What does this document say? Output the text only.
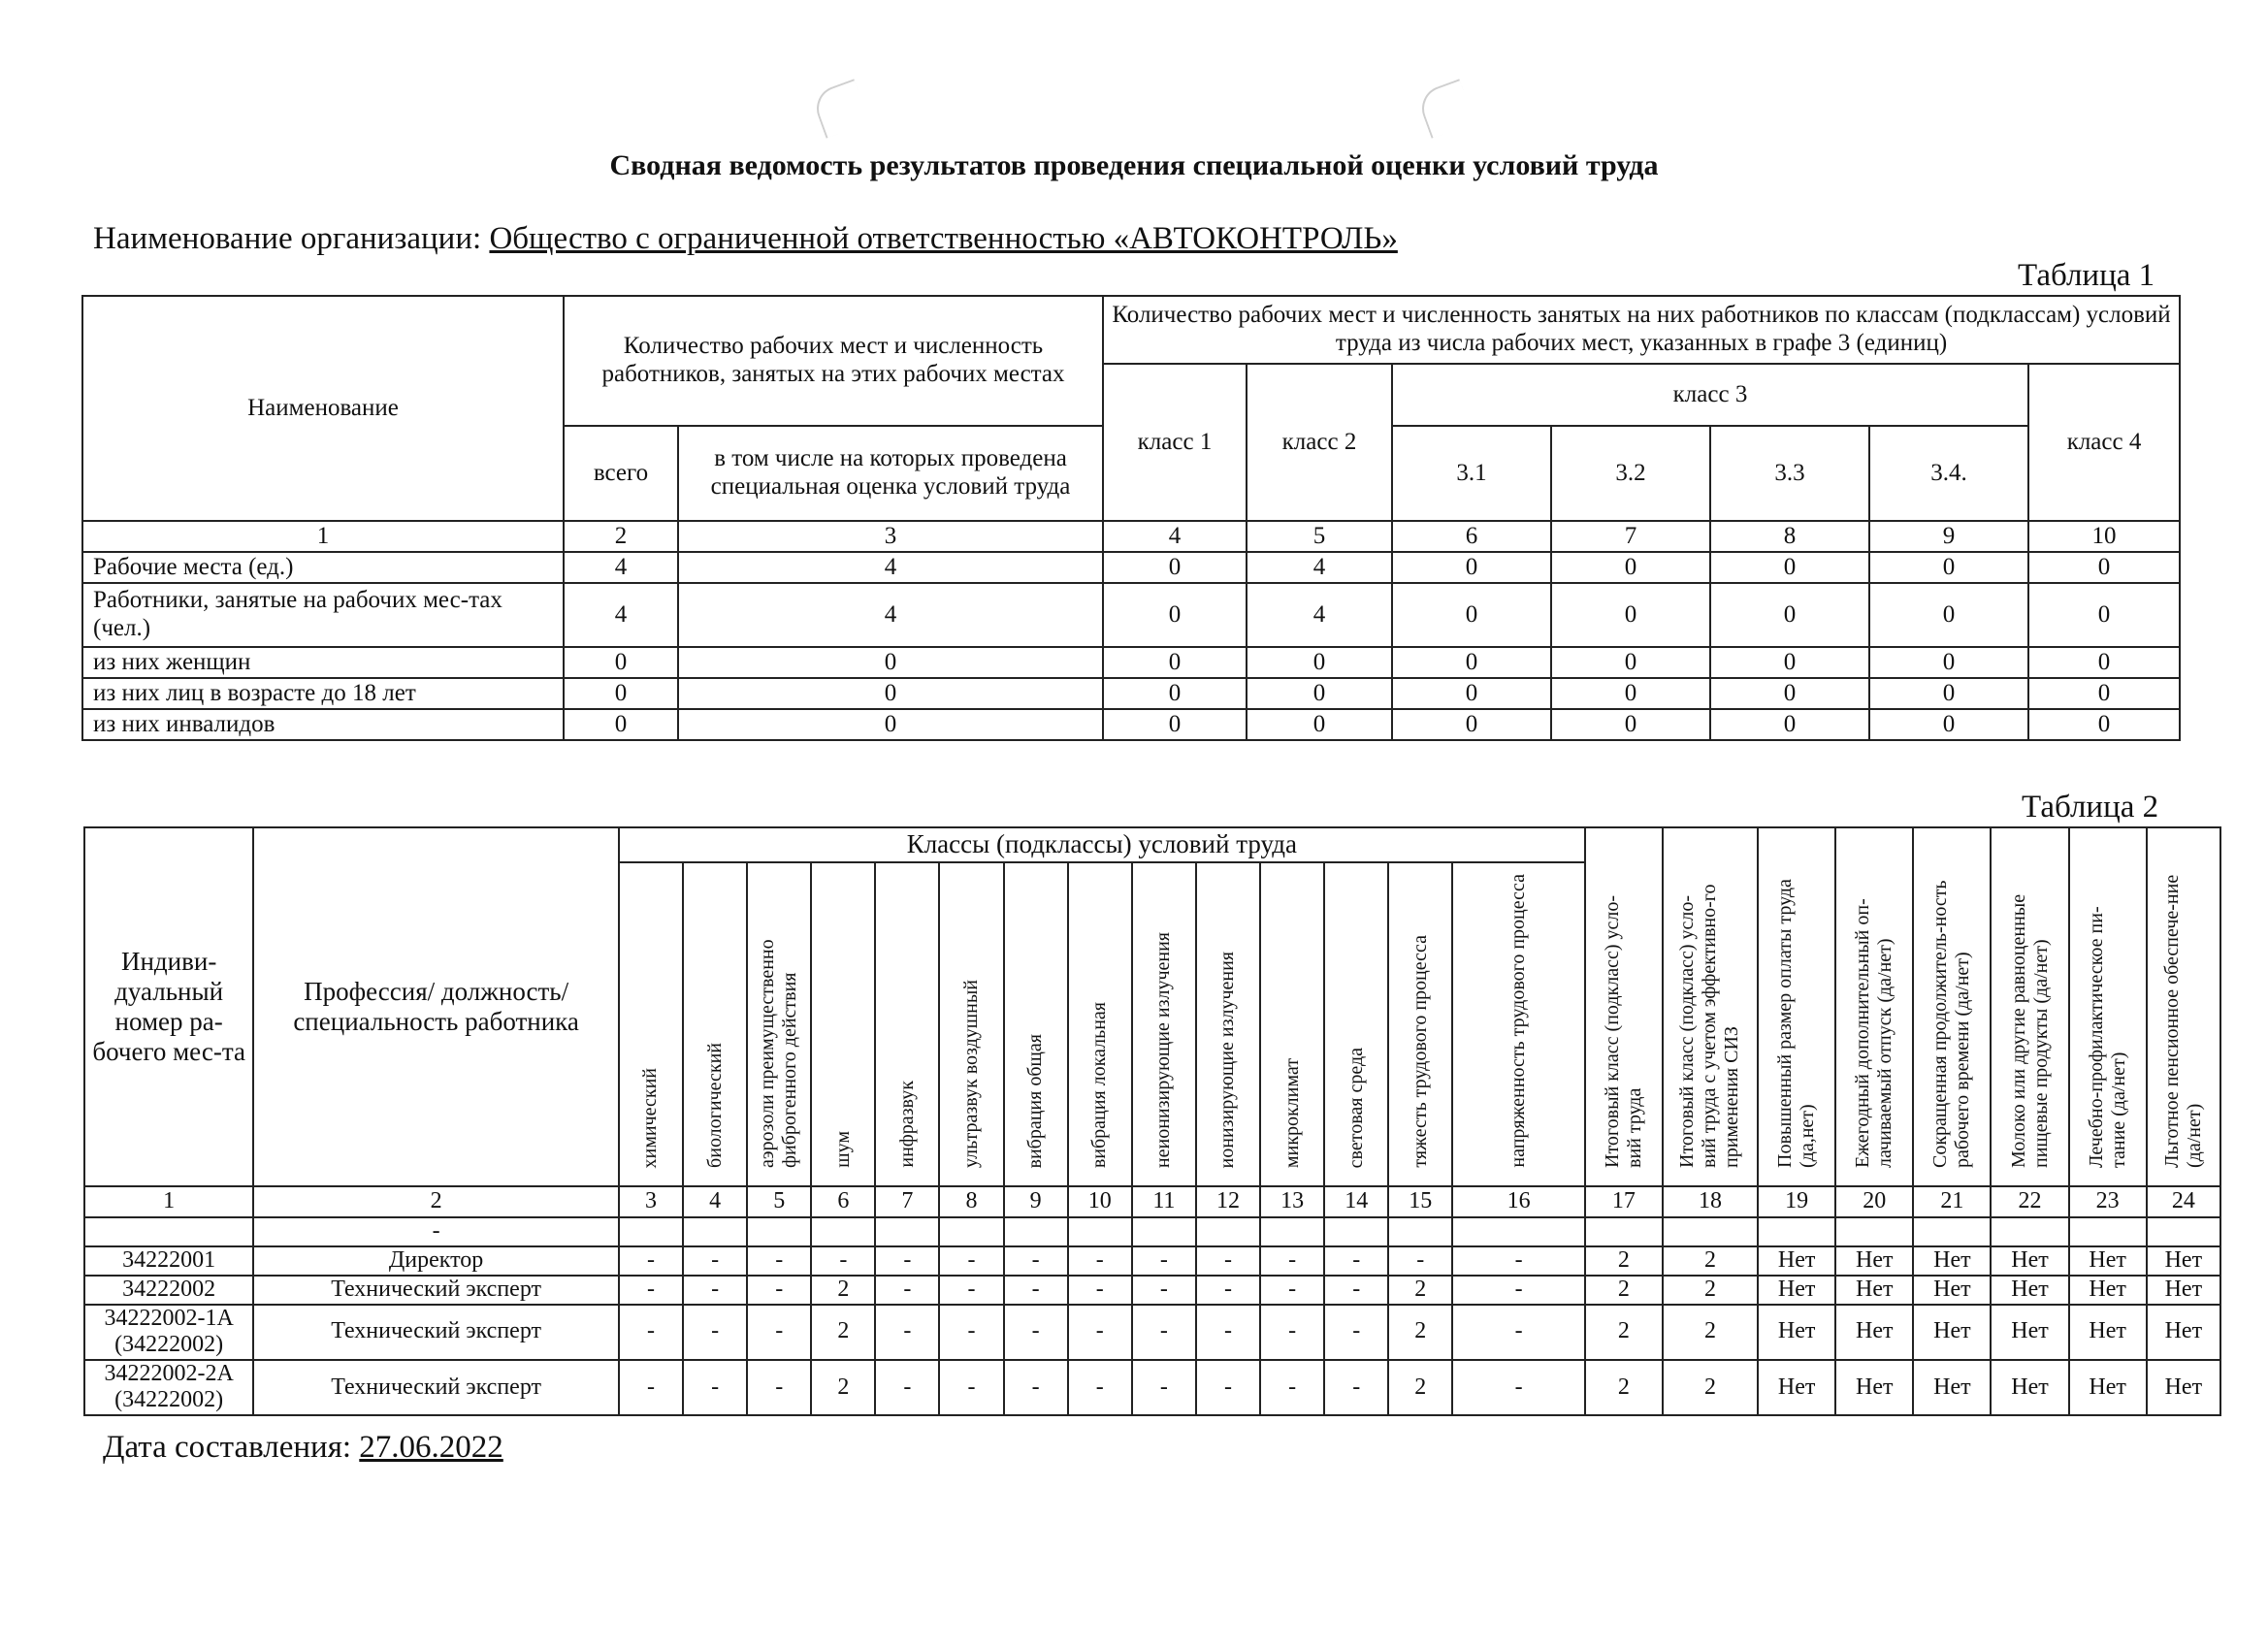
Сводная ведомость результатов проведения специальной оценки условий труда
Наименование организации: Общество с ограниченной ответственностью «АВТОКОНТРОЛЬ»
Таблица 1
Наименование	Количество рабочих мест и численность работников, занятых на этих рабочих местах		Количество рабочих мест и численность занятых на них работников по классам (подклассам) условий труда из числа рабочих мест, указанных в графе 3 (единиц)						
			класс 1	класс 2	класс 3				класс 4
	всего	в том числе на которых проведена специальная оценка условий труда			3.1	3.2	3.3	3.4.	
1	2	3	4	5	6	7	8	9	10
Рабочие места (ед.)	4	4	0	4	0	0	0	0	0
Работники, занятые на рабочих мес-тах (чел.)	4	4	0	4	0	0	0	0	0
из них женщин	0	0	0	0	0	0	0	0	0
из них лиц в возрасте до 18 лет	0	0	0	0	0	0	0	0	0
из них инвалидов	0	0	0	0	0	0	0	0	0
Таблица 2
Индиви-дуальный номер ра-бочего мес-та	Профессия/ должность/ специальность работника	Классы (подклассы) условий труда														Итоговый класс (подкласс) усло-вий труда	Итоговый класс (подкласс) усло-вий труда с учетом эффективно-го применения СИЗ	Повышенный размер оплаты труда (да,нет)	Ежегодный дополнительный оп-лачиваемый отпуск (да/нет)	Сокращенная продолжитель-ность рабочего времени (да/нет)	Молоко или другие равноценные пищевые продукты (да/нет)	Лечебно-профилактическое пи-тание (да/нет)	Льготное пенсионное обеспече-ние (да/нет)
		химический	биологический	аэрозоли преимущественно фиброгенного действия	шум	инфразвук	ультразвук воздушный	вибрация общая	вибрация локальная	неионизирующие излучения	ионизирующие излучения	микроклимат	световая среда	тяжесть трудового процесса	напряженность трудового процесса								
1	2	3	4	5	6	7	8	9	10	11	12	13	14	15	16	17	18	19	20	21	22	23	24
	-																						
34222001	Директор	-	-	-	-	-	-	-	-	-	-	-	-	-	-	2	2	Нет	Нет	Нет	Нет	Нет	Нет
34222002	Технический эксперт	-	-	-	2	-	-	-	-	-	-	-	-	2	-	2	2	Нет	Нет	Нет	Нет	Нет	Нет
34222002-1А (34222002)	Технический эксперт	-	-	-	2	-	-	-	-	-	-	-	-	2	-	2	2	Нет	Нет	Нет	Нет	Нет	Нет
34222002-2А (34222002)	Технический эксперт	-	-	-	2	-	-	-	-	-	-	-	-	2	-	2	2	Нет	Нет	Нет	Нет	Нет	Нет
Дата составления: 27.06.2022
